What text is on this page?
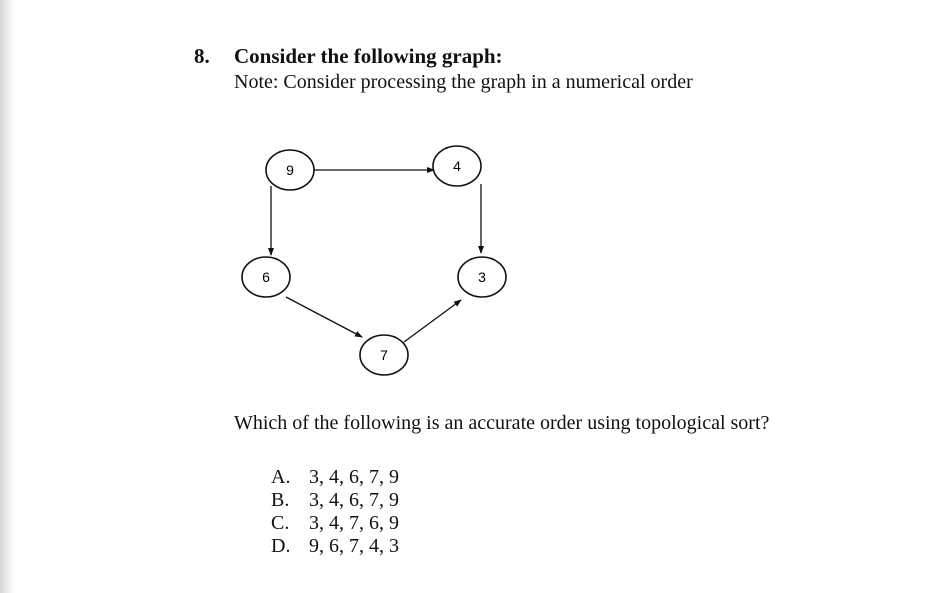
8. Consider the following graph:
Note: Consider processing the graph in a numerical order
9	4
6	3
7
Which of the following is an accurate order using topological sort?
A. 3, 4, 6, 7, 9
B. 3, 4, 6, 7, 9
C. 3, 4, 7, 6, 9
D. 9, 6, 7, 4, 3
